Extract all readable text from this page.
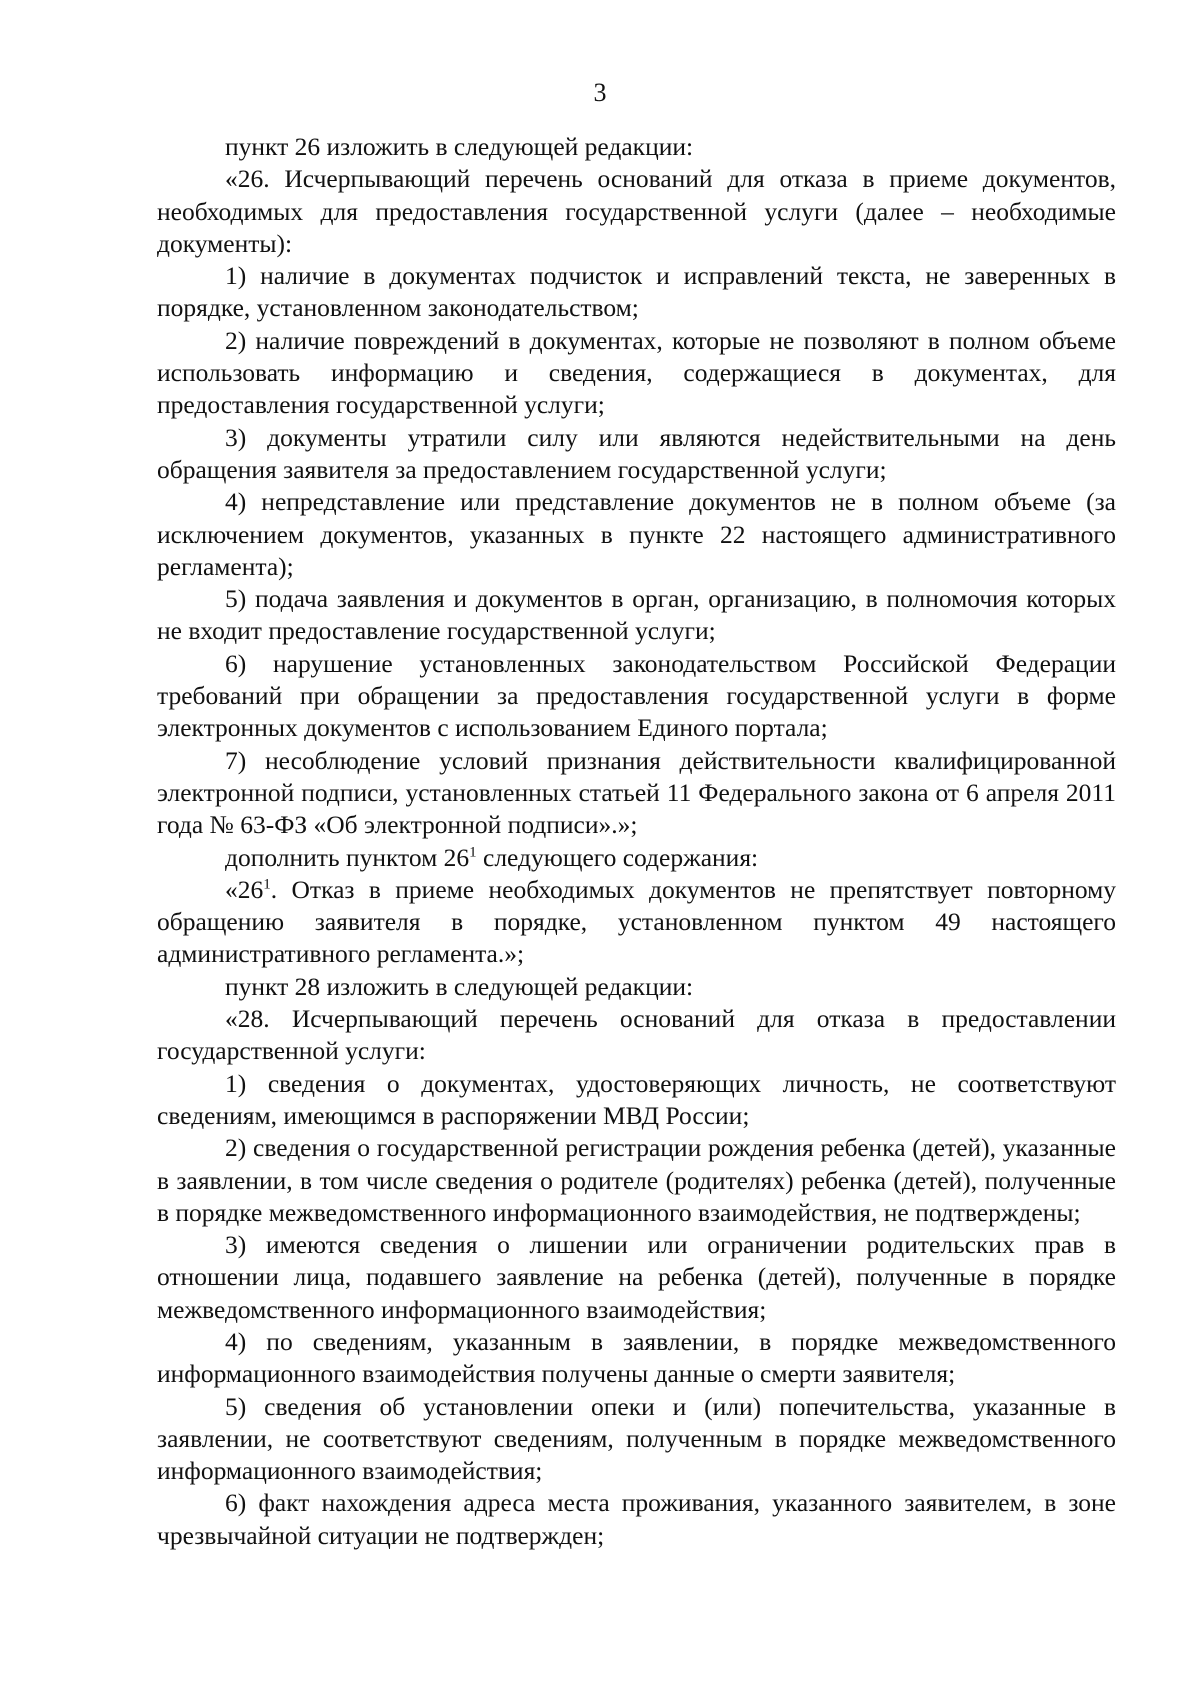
3

пункт 26 изложить в следующей редакции:

«26. Исчерпывающий перечень оснований для отказа в приеме документов, необходимых для предоставления государственной услуги (далее – необходимые документы):

1) наличие в документах подчисток и исправлений текста, не заверенных в порядке, установленном законодательством;

2) наличие повреждений в документах, которые не позволяют в полном объеме использовать информацию и сведения, содержащиеся в документах, для предоставления государственной услуги;

3) документы утратили силу или являются недействительными на день обращения заявителя за предоставлением государственной услуги;

4) непредставление или представление документов не в полном объеме (за исключением документов, указанных в пункте 22 настоящего административного регламента);

5) подача заявления и документов в орган, организацию, в полномочия которых не входит предоставление государственной услуги;

6) нарушение установленных законодательством Российской Федерации требований при обращении за предоставления государственной услуги в форме электронных документов с использованием Единого портала;

7) несоблюдение условий признания действительности квалифицированной электронной подписи, установленных статьей 11 Федерального закона от 6 апреля 2011 года № 63-ФЗ «Об электронной подписи».»;

дополнить пунктом $26^1$ следующего содержания:

«$26^1$. Отказ в приеме необходимых документов не препятствует повторному обращению заявителя в порядке, установленном пунктом 49 настоящего административного регламента.»;

пункт 28 изложить в следующей редакции:

«28. Исчерпывающий перечень оснований для отказа в предоставлении государственной услуги:

1) сведения о документах, удостоверяющих личность, не соответствуют сведениям, имеющимся в распоряжении МВД России;

2) сведения о государственной регистрации рождения ребенка (детей), указанные в заявлении, в том числе сведения о родителе (родителях) ребенка (детей), полученные в порядке межведомственного информационного взаимодействия, не подтверждены;

3) имеются сведения о лишении или ограничении родительских прав в отношении лица, подавшего заявление на ребенка (детей), полученные в порядке межведомственного информационного взаимодействия;

4) по сведениям, указанным в заявлении, в порядке межведомственного информационного взаимодействия получены данные о смерти заявителя;

5) сведения об установлении опеки и (или) попечительства, указанные в заявлении, не соответствуют сведениям, полученным в порядке межведомственного информационного взаимодействия;

6) факт нахождения адреса места проживания, указанного заявителем, в зоне чрезвычайной ситуации не подтвержден;
